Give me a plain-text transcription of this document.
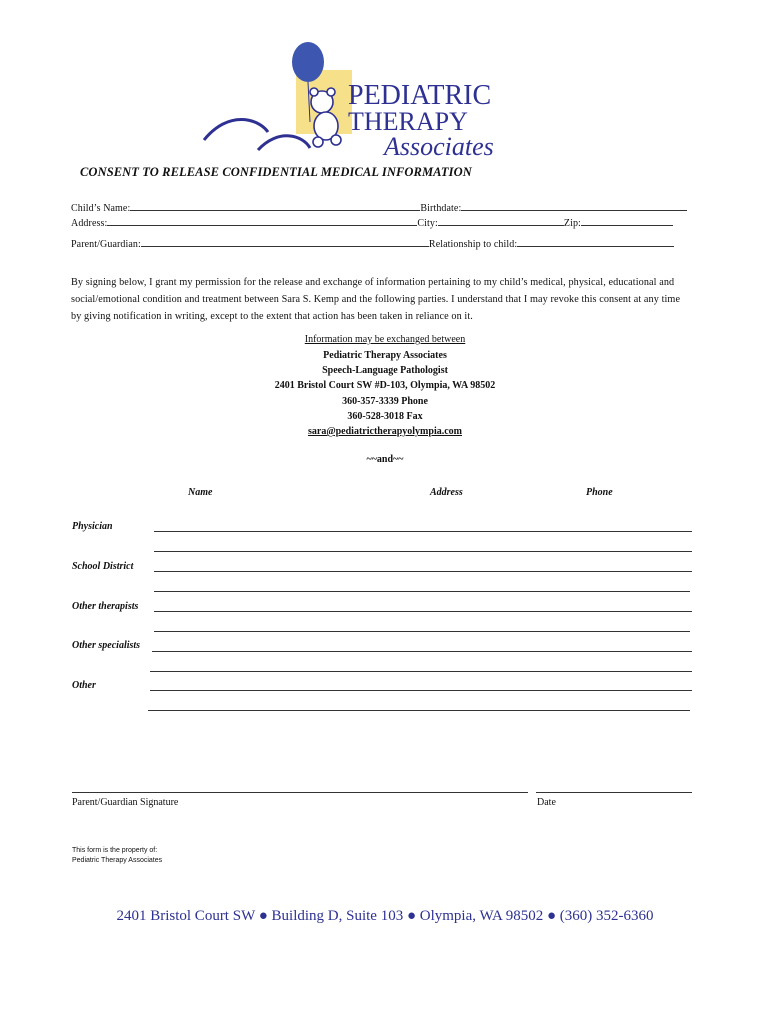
PEDIATRIC
THERAPY
Associates
CONSENT TO RELEASE CONFIDENTIAL MEDICAL INFORMATION
Child’s Name:	Birthdate:
Address:	City:	Zip:
Parent/Guardian:	Relationship to child:
By signing below, I grant my permission for the release and exchange of information pertaining to my child’s medical, physical, educational and social/emotional condition and treatment between Sara S. Kemp and the following parties. I understand that I may revoke this consent at any time by giving notification in writing, except to the extent that action has been taken in reliance on it.
Information may be exchanged between
Pediatric Therapy Associates
Speech-Language Pathologist
2401 Bristol Court SW #D-103, Olympia, WA 98502
360-357-3339 Phone
360-528-3018 Fax
sara@pediatrictherapyolympia.com
~~and~~
Name	Address	Phone
Physician
School District
Other therapists
Other specialists
Other
Parent/Guardian Signature	Date
This form is the property of:
Pediatric Therapy Associates
2401 Bristol Court SW ● Building D, Suite 103 ● Olympia, WA 98502 ● (360) 352-6360
